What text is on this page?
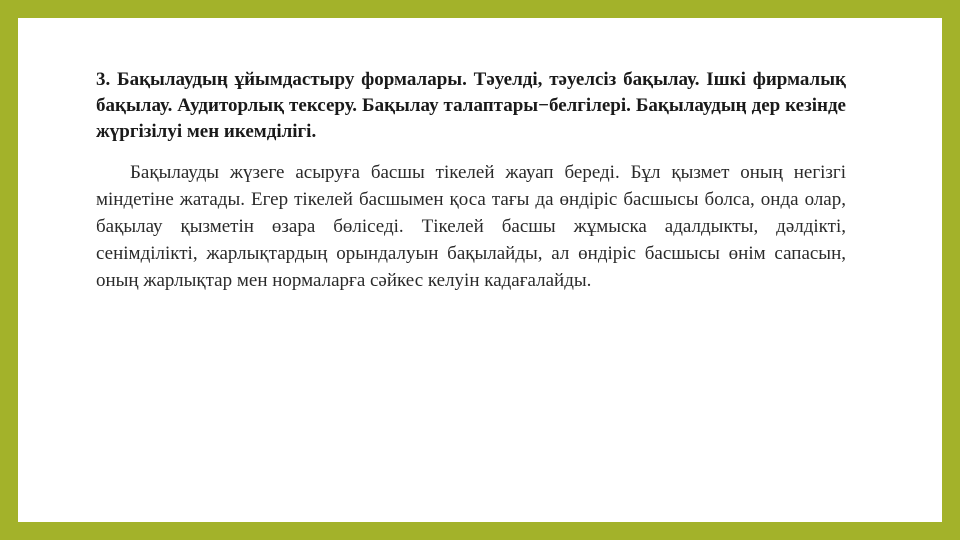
3. Бақылаудың ұйымдастыру формалары. Тәуелді, тәуелсіз бақылау. Ішкі фирмалық бақылау. Аудиторлық тексеру. Бақылау талаптары−белгілері. Бақылаудың дер кезінде жүргізілуі мен икемділігі.

Бақылауды жүзеге асыруға басшы тікелей жауап береді. Бұл қызмет оның негізгі міндетіне жатады. Егер тікелей басшымен қоса тағы да өндіріс басшысы болса, онда олар, бақылау қызметін өзара бөліседі. Тікелей басшы жұмыска адалдыкты, дәлдікті, сенімділікті, жарлықтардың орындалуын бақылайды, ал өндіріс басшысы өнім сапасын, оның жарлықтар мен нормаларға сәйкес келуін кадағалайды.
